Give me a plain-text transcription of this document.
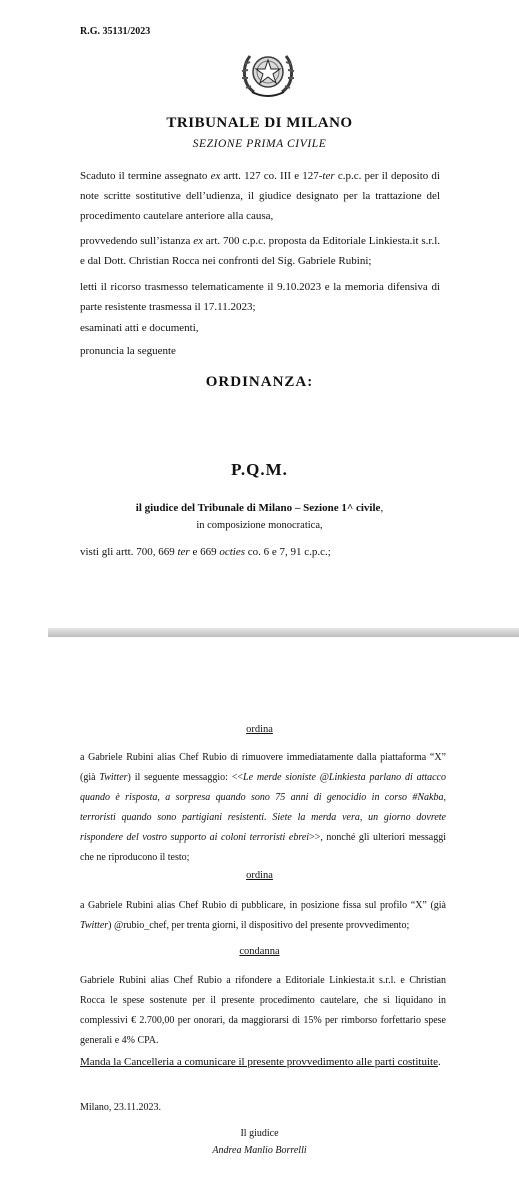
R.G. 35131/2023
TRIBUNALE DI MILANO
SEZIONE PRIMA CIVILE
Scaduto il termine assegnato ex artt. 127 co. III e 127-ter c.p.c. per il deposito di note scritte sostitutive dell’udienza, il giudice designato per la trattazione del procedimento cautelare anteriore alla causa,
provvedendo sull’istanza ex art. 700 c.p.c. proposta da Editoriale Linkiesta.it s.r.l. e dal Dott. Christian Rocca nei confronti del Sig. Gabriele Rubini;
letti il ricorso trasmesso telematicamente il 9.10.2023 e la memoria difensiva di parte resistente trasmessa il 17.11.2023;
esaminati atti e documenti,
pronuncia la seguente
ORDINANZA:
P.Q.M.
il giudice del Tribunale di Milano – Sezione 1^ civile,
in composizione monocratica,
visti gli artt. 700, 669 ter e 669 octies co. 6 e 7, 91 c.p.c.;
ordina
a Gabriele Rubini alias Chef Rubio di rimuovere immediatamente dalla piattaforma “X” (già Twitter) il seguente messaggio: <<Le merde sioniste @Linkiesta parlano di attacco quando è risposta, a sorpresa quando sono 75 anni di genocidio in corso #Nakba, terroristi quando sono partigiani resistenti. Siete la merda vera, un giorno dovrete rispondere del vostro supporto ai coloni terroristi ebrei>>, nonché gli ulteriori messaggi che ne riproducono il testo;
ordina
a Gabriele Rubini alias Chef Rubio di pubblicare, in posizione fissa sul profilo “X” (già Twitter) @rubio_chef, per trenta giorni, il dispositivo del presente provvedimento;
condanna
Gabriele Rubini alias Chef Rubio a rifondere a Editoriale Linkiesta.it s.r.l. e Christian Rocca le spese sostenute per il presente procedimento cautelare, che si liquidano in complessivi € 2.700,00 per onorari, da maggiorarsi di 15% per rimborso forfettario spese generali e 4% CPA.
Manda la Cancelleria a comunicare il presente provvedimento alle parti costituite.
Milano, 23.11.2023.
Il giudice
Andrea Manlio Borrelli
